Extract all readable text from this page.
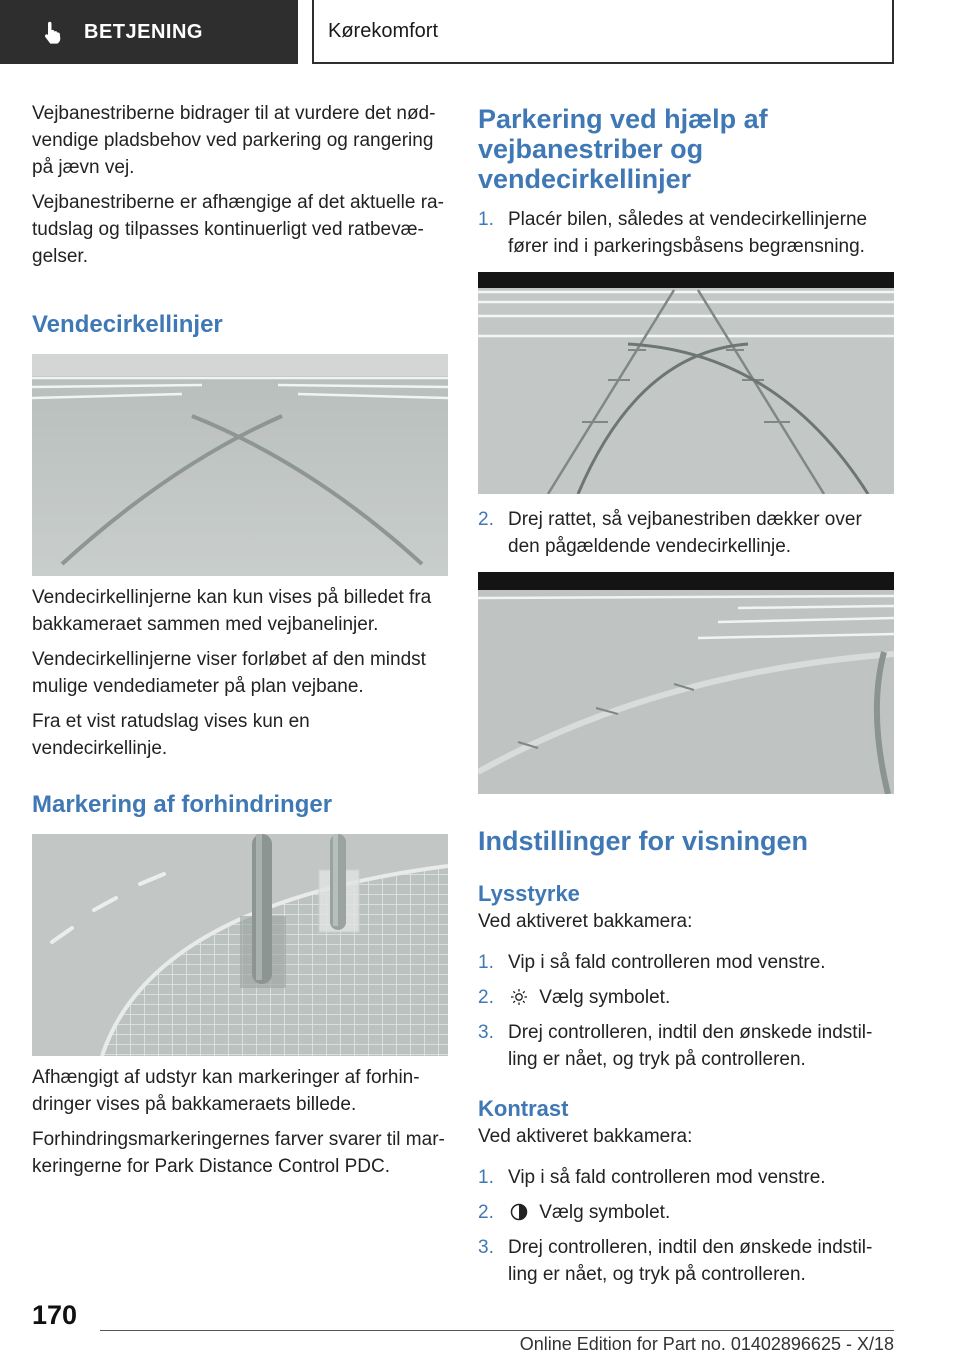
BETJENING	Kørekomfort

Vejbanestriberne bidrager til at vurdere det nødvendige pladsbehov ved parkering og rangering på jævn vej.

Vejbanestriberne er afhængige af det aktuelle ratudslag og tilpasses kontinuerligt ved ratbevægelser.

Vendecirkellinjer

Vendecirkellinjerne kan kun vises på billedet fra bakkameraet sammen med vejbanelinjer.

Vendecirkellinjerne viser forløbet af den mindst mulige vendediameter på plan vejbane.

Fra et vist ratudslag vises kun en vendecirkellinje.

Markering af forhindringer

Afhængigt af udstyr kan markeringer af forhindringer vises på bakkameraets billede.

Forhindringsmarkeringernes farver svarer til markeringerne for Park Distance Control PDC.

Parkering ved hjælp af vejbanestriber og vendecirkellinjer
1. Placér bilen, således at vendecirkellinjerne fører ind i parkeringsbåsens begrænsning.
2. Drej rattet, så vejbanestriben dækker over den pågældende vendecirkellinje.
Indstillinger for visningen
Lysstyrke

Ved aktiveret bakkamera:

1. Vip i så fald controlleren mod venstre.
2. Vælg symbolet.
3. Drej controlleren, indtil den ønskede indstilling er nået, og tryk på controlleren.
Kontrast

Ved aktiveret bakkamera:

1. Vip i så fald controlleren mod venstre.
2. Vælg symbolet.
3. Drej controlleren, indtil den ønskede indstilling er nået, og tryk på controlleren.
170
Online Edition for Part no. 01402896625 - X/18
